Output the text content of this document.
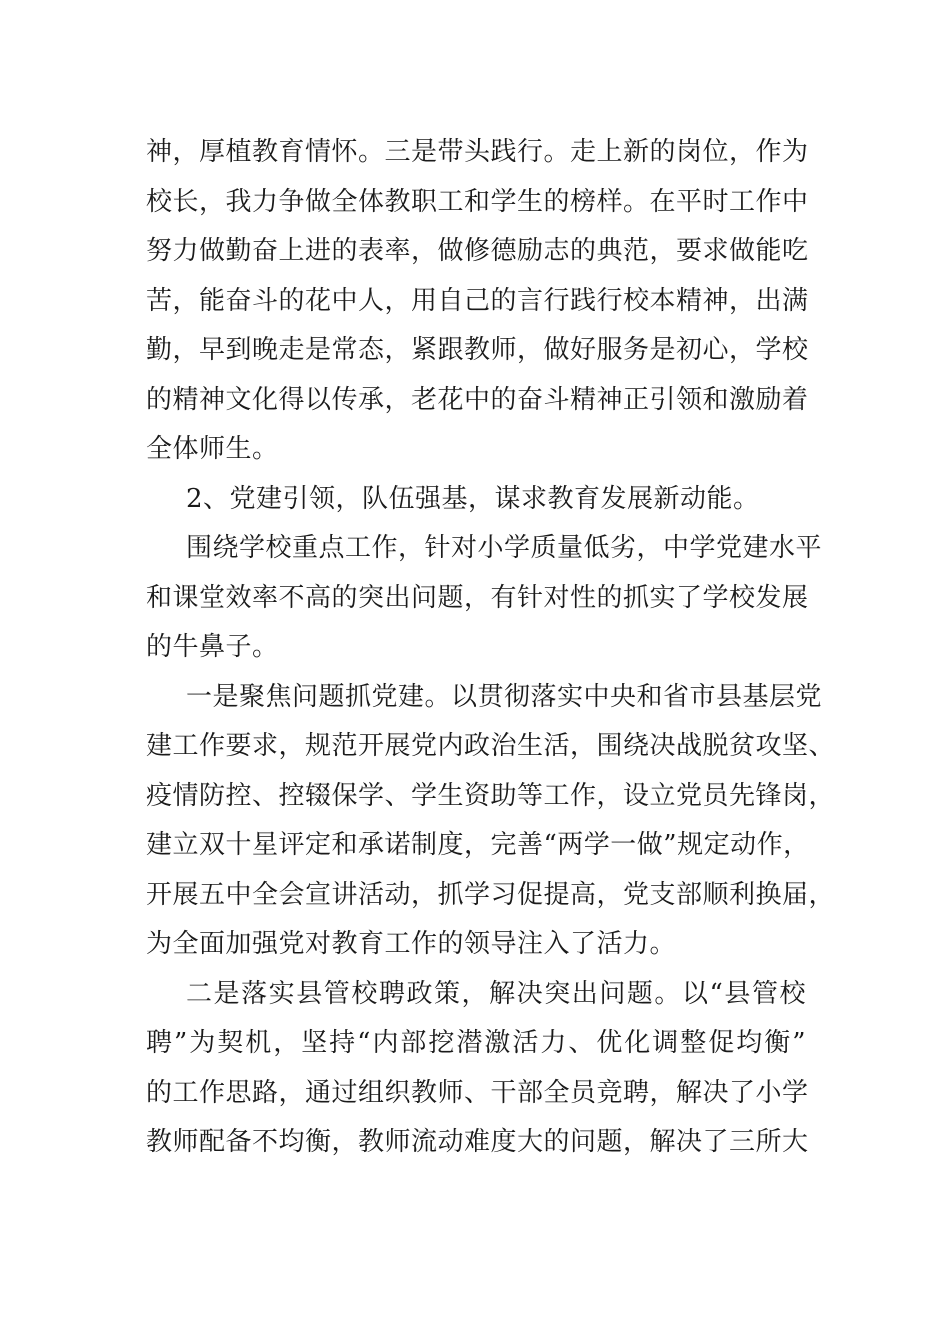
神，厚植教育情怀。三是带头践行。走上新的岗位，作为
校长，我力争做全体教职工和学生的榜样。在平时工作中
努力做勤奋上进的表率，做修德励志的典范，要求做能吃
苦，能奋斗的花中人，用自己的言行践行校本精神，出满
勤，早到晚走是常态，紧跟教师，做好服务是初心，学校
的精神文化得以传承，老花中的奋斗精神正引领和激励着
全体师生。
2、党建引领，队伍强基，谋求教育发展新动能。
围绕学校重点工作，针对小学质量低劣，中学党建水平
和课堂效率不高的突出问题，有针对性的抓实了学校发展
的牛鼻子。
一是聚焦问题抓党建。以贯彻落实中央和省市县基层党
建工作要求，规范开展党内政治生活，围绕决战脱贫攻坚、
疫情防控、控辍保学、学生资助等工作，设立党员先锋岗，
建立双十星评定和承诺制度，完善“两学一做”规定动作，
开展五中全会宣讲活动，抓学习促提高，党支部顺利换届，
为全面加强党对教育工作的领导注入了活力。
二是落实县管校聘政策，解决突出问题。以“县管校
聘”为契机，坚持“内部挖潜激活力、优化调整促均衡”
的工作思路，通过组织教师、干部全员竞聘，解决了小学
教师配备不均衡，教师流动难度大的问题，解决了三所大
